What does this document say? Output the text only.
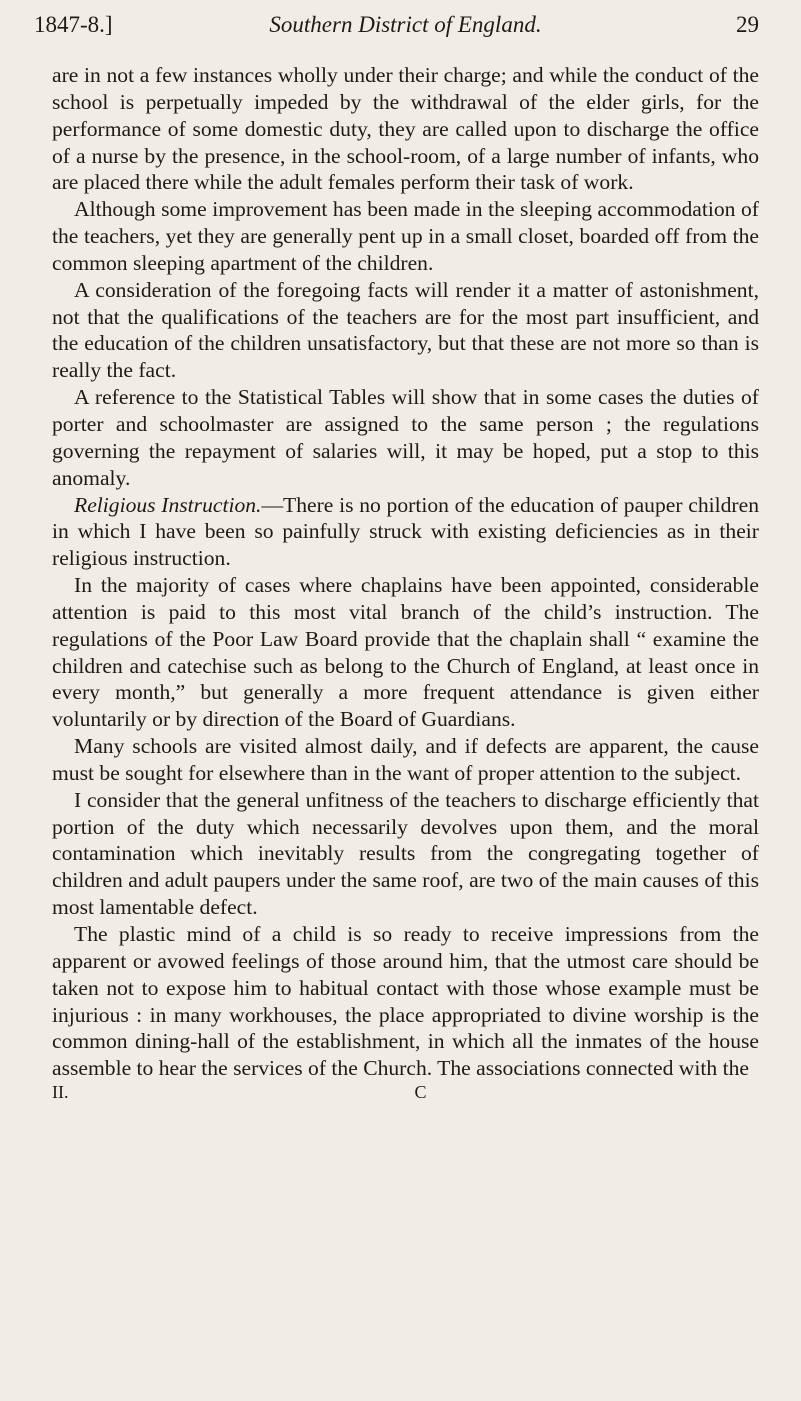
1847-8.]	Southern District of England.	29

are in not a few instances wholly under their charge; and while the conduct of the school is perpetually impeded by the withdrawal of the elder girls, for the performance of some domestic duty, they are called upon to discharge the office of a nurse by the presence, in the school-room, of a large number of infants, who are placed there while the adult females perform their task of work.

Although some improvement has been made in the sleeping accommodation of the teachers, yet they are generally pent up in a small closet, boarded off from the common sleeping apartment of the children.

A consideration of the foregoing facts will render it a matter of astonishment, not that the qualifications of the teachers are for the most part insufficient, and the education of the children unsatisfactory, but that these are not more so than is really the fact.

A reference to the Statistical Tables will show that in some cases the duties of porter and schoolmaster are assigned to the same person ; the regulations governing the repayment of salaries will, it may be hoped, put a stop to this anomaly.

Religious Instruction.—There is no portion of the education of pauper children in which I have been so painfully struck with existing deficiencies as in their religious instruction.

In the majority of cases where chaplains have been appointed, considerable attention is paid to this most vital branch of the child’s instruction. The regulations of the Poor Law Board provide that the chaplain shall “ examine the children and catechise such as belong to the Church of England, at least once in every month,” but generally a more frequent attendance is given either voluntarily or by direction of the Board of Guardians.

Many schools are visited almost daily, and if defects are apparent, the cause must be sought for elsewhere than in the want of proper attention to the subject.

I consider that the general unfitness of the teachers to discharge efficiently that portion of the duty which necessarily devolves upon them, and the moral contamination which inevitably results from the congregating together of children and adult paupers under the same roof, are two of the main causes of this most lamentable defect.

The plastic mind of a child is so ready to receive impressions from the apparent or avowed feelings of those around him, that the utmost care should be taken not to expose him to habitual contact with those whose example must be injurious : in many workhouses, the place appropriated to divine worship is the common dining-hall of the establishment, in which all the inmates of the house assemble to hear the services of the Church. The associations connected with the

II.	C
